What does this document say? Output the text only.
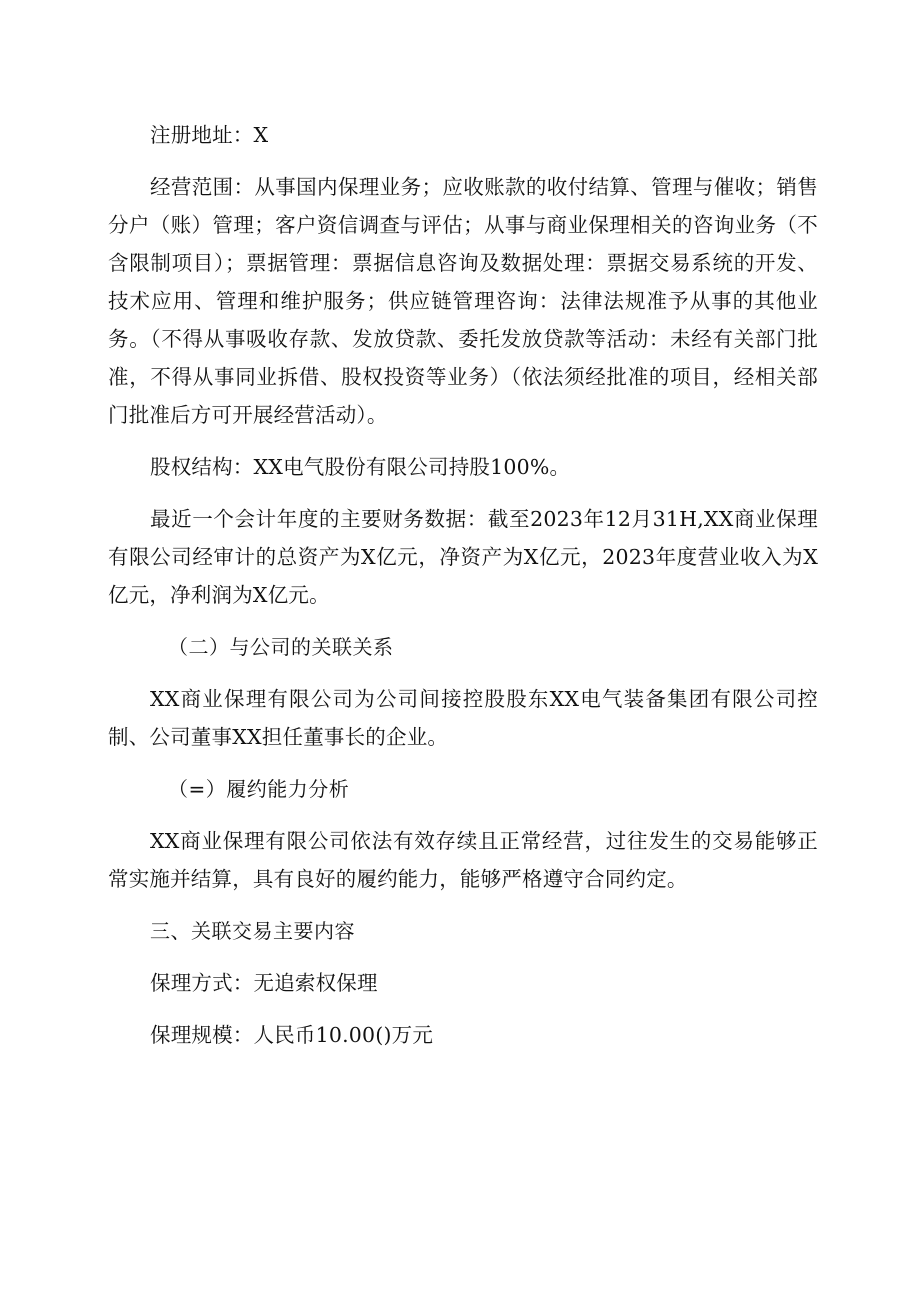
注册地址：X

经营范围：从事国内保理业务；应收账款的收付结算、管理与催收；销售分户（账）管理；客户资信调查与评估；从事与商业保理相关的咨询业务（不含限制项目）；票据管理：票据信息咨询及数据处理：票据交易系统的开发、技术应用、管理和维护服务；供应链管理咨询：法律法规准予从事的其他业务。（不得从事吸收存款、发放贷款、委托发放贷款等活动：未经有关部门批准，不得从事同业拆借、股权投资等业务）（依法须经批准的项目，经相关部门批准后方可开展经营活动）。

股权结构：XX电气股份有限公司持股100%。

最近一个会计年度的主要财务数据：截至2023年12月31H,XX商业保理有限公司经审计的总资产为X亿元，净资产为X亿元，2023年度营业收入为X亿元，净利润为X亿元。

（二）与公司的关联关系

XX商业保理有限公司为公司间接控股股东XX电气装备集团有限公司控制、公司董事XX担任董事长的企业。

（=）履约能力分析

XX商业保理有限公司依法有效存续且正常经营，过往发生的交易能够正常实施并结算，具有良好的履约能力，能够严格遵守合同约定。

三、关联交易主要内容

保理方式：无追索权保理

保理规模：人民币10.00()万元
